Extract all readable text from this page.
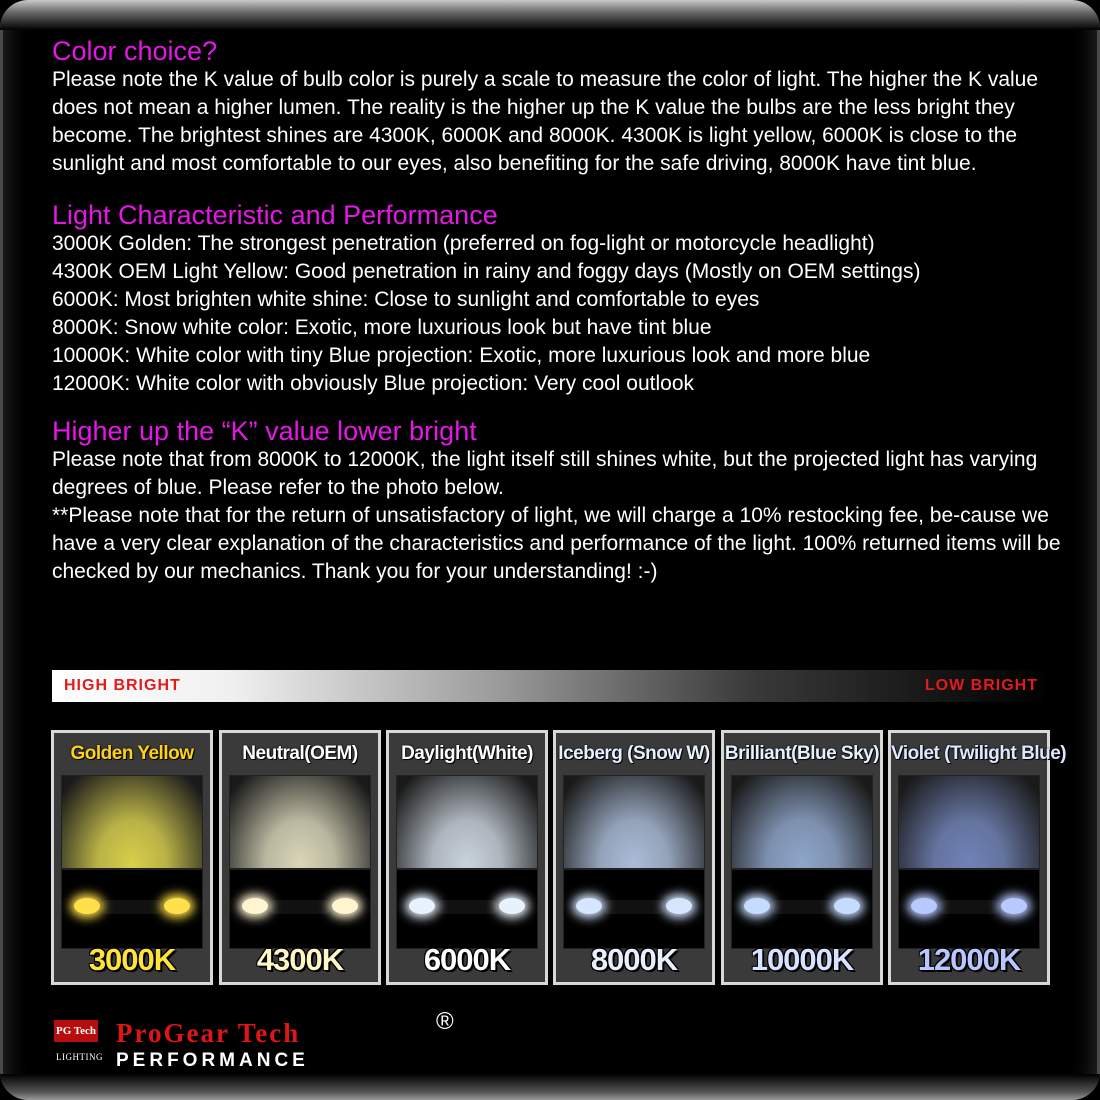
Color choice?

Please note the K value of bulb color is purely a scale to measure the color of light. The higher the K value does not mean a higher lumen. The reality is the higher up the K value the bulbs are the less bright they become. The brightest shines are 4300K, 6000K and 8000K. 4300K is light yellow, 6000K is close to the sunlight and most comfortable to our eyes, also benefiting for the safe driving, 8000K have tint blue.

Light Characteristic and Performance
3000K Golden: The strongest penetration (preferred on fog-light or motorcycle headlight)
4300K OEM Light Yellow: Good penetration in rainy and foggy days (Mostly on OEM settings)
6000K: Most brighten white shine: Close to sunlight and comfortable to eyes
8000K: Snow white color: Exotic, more luxurious look but have tint blue
10000K: White color with tiny Blue projection: Exotic, more luxurious look and more blue
12000K: White color with obviously Blue projection: Very cool outlook
Higher up the “K” value lower bright

Please note that from 8000K to 12000K, the light itself still shines white, but the projected light has varying degrees of blue. Please refer to the photo below.

**Please note that for the return of unsatisfactory of light, we will charge a 10% restocking fee, be-cause we have a very clear explanation of the characteristics and performance of the light. 100% returned items will be checked by our mechanics. Thank you for your understanding! :-)

HIGH BRIGHT	LOW BRIGHT
Golden Yellow
3000K
Neutral(OEM)
4300K
Daylight(White)
6000K
Iceberg (Snow W)
8000K
Brilliant(Blue Sky)
10000K
Violet (Twilight Blue)
12000K
PG Tech
LIGHTING
ProGear Tech	®
PERFORMANCE
